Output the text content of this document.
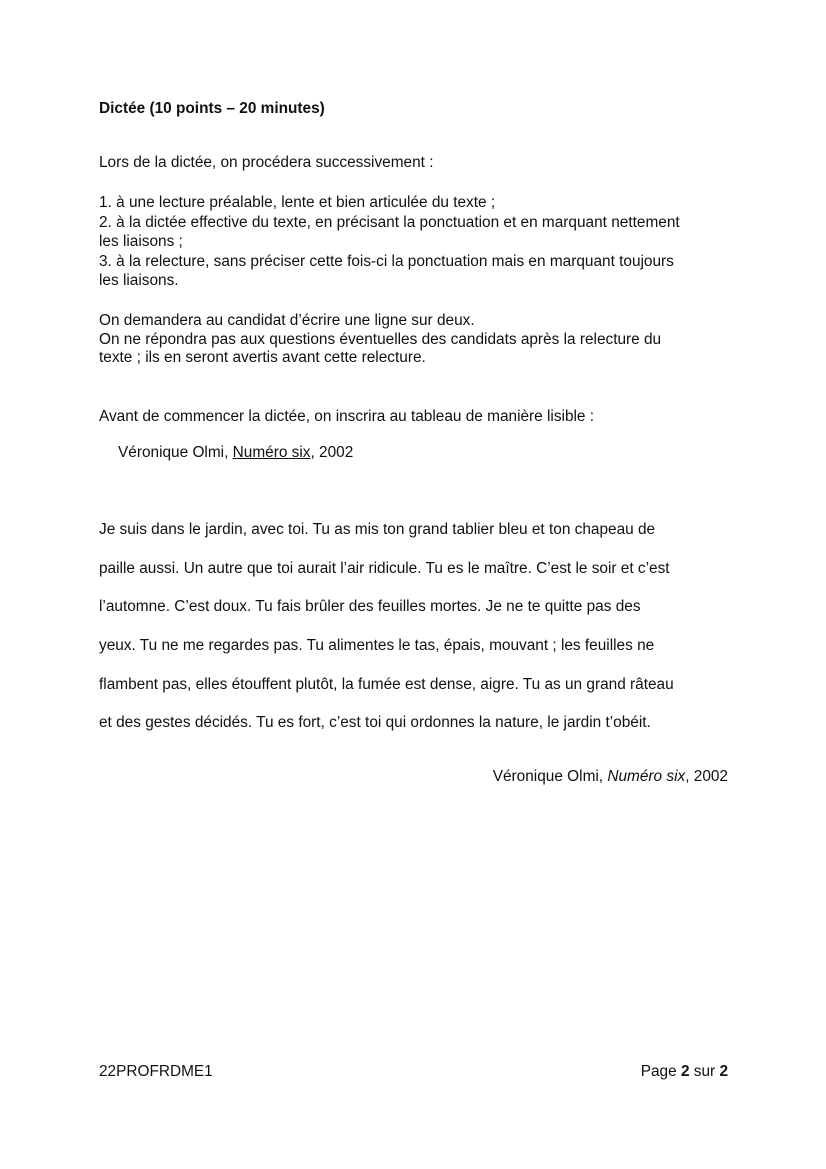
Dictée (10 points – 20 minutes)
Lors de la dictée, on procédera successivement :
1. à une lecture préalable, lente et bien articulée du texte ;
2. à la dictée effective du texte, en précisant la ponctuation et en marquant nettement
les liaisons ;
3. à la relecture, sans préciser cette fois-ci la ponctuation mais en marquant toujours
les liaisons.
On demandera au candidat d’écrire une ligne sur deux.
On ne répondra pas aux questions éventuelles des candidats après la relecture du
texte ; ils en seront avertis avant cette relecture.
Avant de commencer la dictée, on inscrira au tableau de manière lisible :
Véronique Olmi, Numéro six, 2002
Je suis dans le jardin, avec toi. Tu as mis ton grand tablier bleu et ton chapeau de
paille aussi. Un autre que toi aurait l’air ridicule. Tu es le maître. C’est le soir et c’est
l’automne. C’est doux. Tu fais brûler des feuilles mortes. Je ne te quitte pas des
yeux. Tu ne me regardes pas. Tu alimentes le tas, épais, mouvant ; les feuilles ne
flambent pas, elles étouffent plutôt, la fumée est dense, aigre. Tu as un grand râteau
et des gestes décidés. Tu es fort, c’est toi qui ordonnes la nature, le jardin t’obéit.
Véronique Olmi, Numéro six, 2002
22PROFRDME1	Page 2 sur 2
